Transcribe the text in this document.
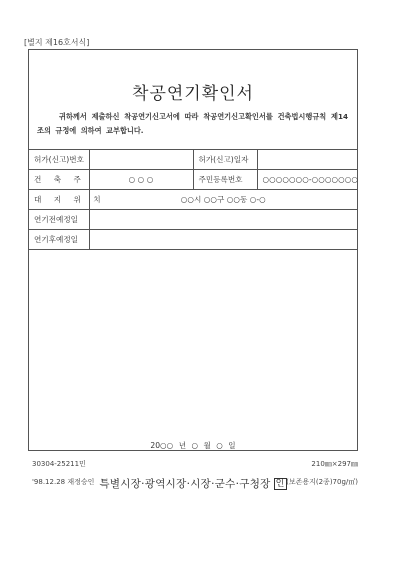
[별지 제16호서식]
착공연기확인서
귀하께서 제출하신 착공연기신고서에 따라 착공연기신고확인서를 건축법시행규칙 제14조의 규정에 의하여 교부합니다.
허가(신고)번호		허가(신고)일자	
건 축 주	○ ○ ○	주민등록번호	○○○○○○○-○○○○○○○
대 지 위 치	○○시 ○○구 ○○동 ○-○		
연기전예정일			
연기후예정일			
20○○ 년 ○ 월 ○ 일
특별시장·광역시장·시장·군수·구청장 인
30304-25211민
'98.12.28 재정승인
210㎜×297㎜
(보존용지(2종)70g/㎡)
